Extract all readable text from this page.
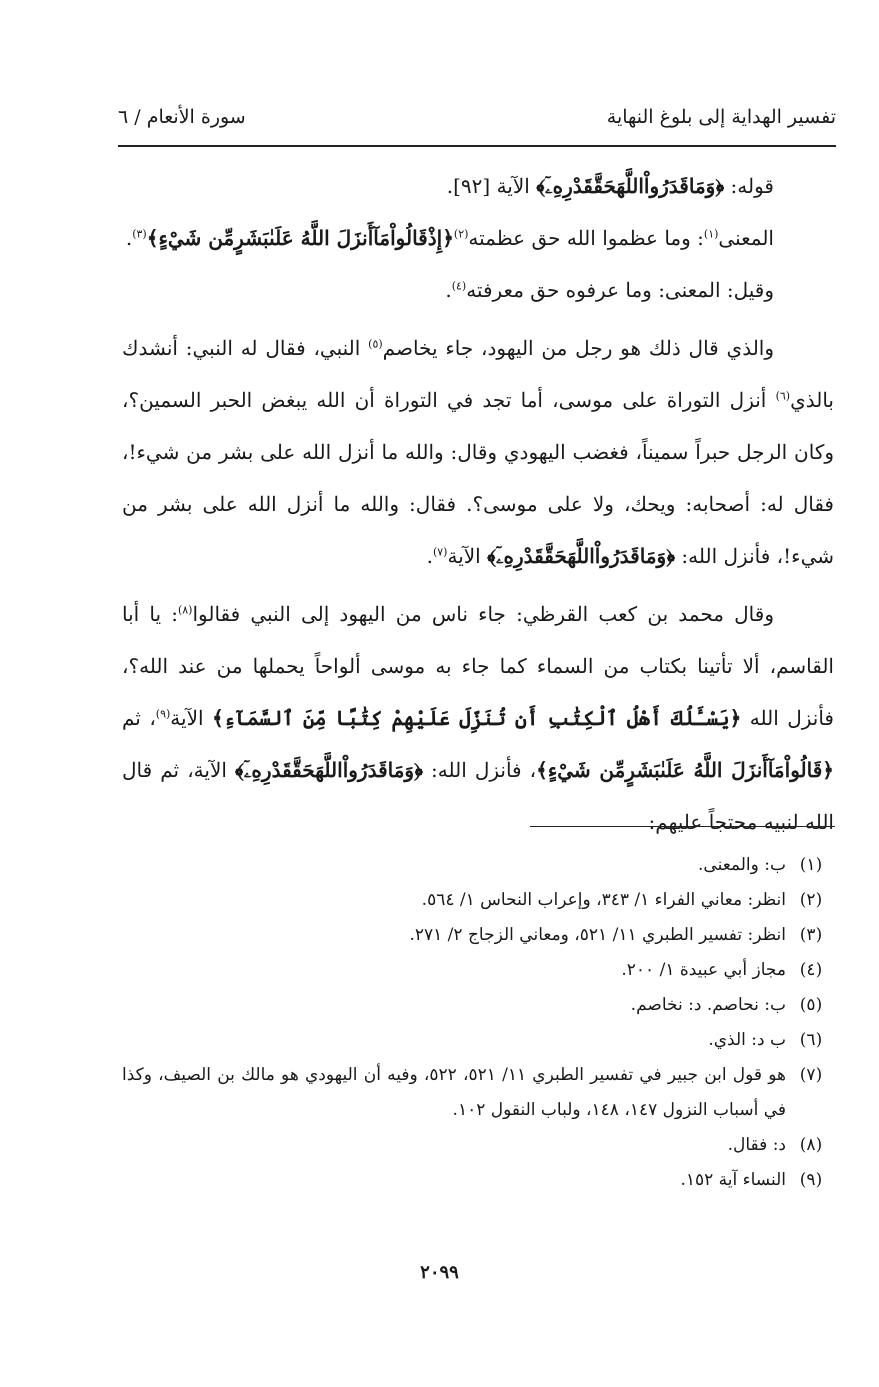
تفسير الهداية إلى بلوغ النهاية
سورة الأنعام / ٦

قوله: ﴿وَمَاقَدَرُواْاللَّهَحَقَّقَدْرِهِۦٓ﴾ الآية [٩٢].

المعنى$^{(١)}$: وما عظموا الله حق عظمته$^{(٢)}$﴿إِذْقَالُواْمَآأَنزَلَ اللَّهُ عَلَىٰبَشَرٍمِّن شَيْءٍ﴾$^{(٣)}$.

وقيل: المعنى: وما عرفوه حق معرفته$^{(٤)}$.

والذي قال ذلك هو رجل من اليهود، جاء يخاصم$^{(٥)}$ النبي، فقال له النبي: أنشدك بالذي$^{(٦)}$ أنزل التوراة على موسى، أما تجد في التوراة أن الله يبغض الحبر السمين؟، وكان الرجل حبراً سميناً، فغضب اليهودي وقال: والله ما أنزل الله على بشر من شيء!، فقال له: أصحابه: ويحك، ولا على موسى؟. فقال: والله ما أنزل الله على بشر من شيء!، فأنزل الله: ﴿وَمَاقَدَرُواْاللَّهَحَقَّقَدْرِهِۦٓ﴾ الآية$^{(٧)}$.

وقال محمد بن كعب القرظي: جاء ناس من اليهود إلى النبي فقالوا$^{(٨)}$: يا أبا القاسم، ألا تأتينا بكتاب من السماء كما جاء به موسى ألواحاً يحملها من عند الله؟، فأنزل الله ﴿يَسْـَٔلُكَ أَهْلُ ٱلْكِتَٰبِ أَن تُنَزِّلَ عَلَيْهِمْ كِتَٰبًا مِّنَ ٱلسَّمَآءِ﴾ الآية$^{(٩)}$، ثم ﴿قَالُواْمَآأَنزَلَ اللَّهُ عَلَىٰبَشَرٍمِّن شَيْءٍ﴾، فأنزل الله: ﴿وَمَاقَدَرُواْاللَّهَحَقَّقَدْرِهِۦٓ﴾ الآية، ثم قال الله لنبيه محتجاً عليهم:

(١)
ب: والمعنى.
(٢)
انظر: معاني الفراء ١/ ٣٤٣، وإعراب النحاس ١/ ٥٦٤.
(٣)
انظر: تفسير الطبري ١١/ ٥٢١، ومعاني الزجاج ٢/ ٢٧١.
(٤)
مجاز أبي عبيدة ١/ ٢٠٠.
(٥)
ب: نحاصم. د: نخاصم.
(٦)
ب د: الذي.
(٧)
هو قول ابن جبير في تفسير الطبري ١١/ ٥٢١، ٥٢٢، وفيه أن اليهودي هو مالك بن الصيف، وكذا في أسباب النزول ١٤٧، ١٤٨، ولباب النقول ١٠٢.
(٨)
د: فقال.
(٩)
النساء آية ١٥٢.
٢٠٩٩
